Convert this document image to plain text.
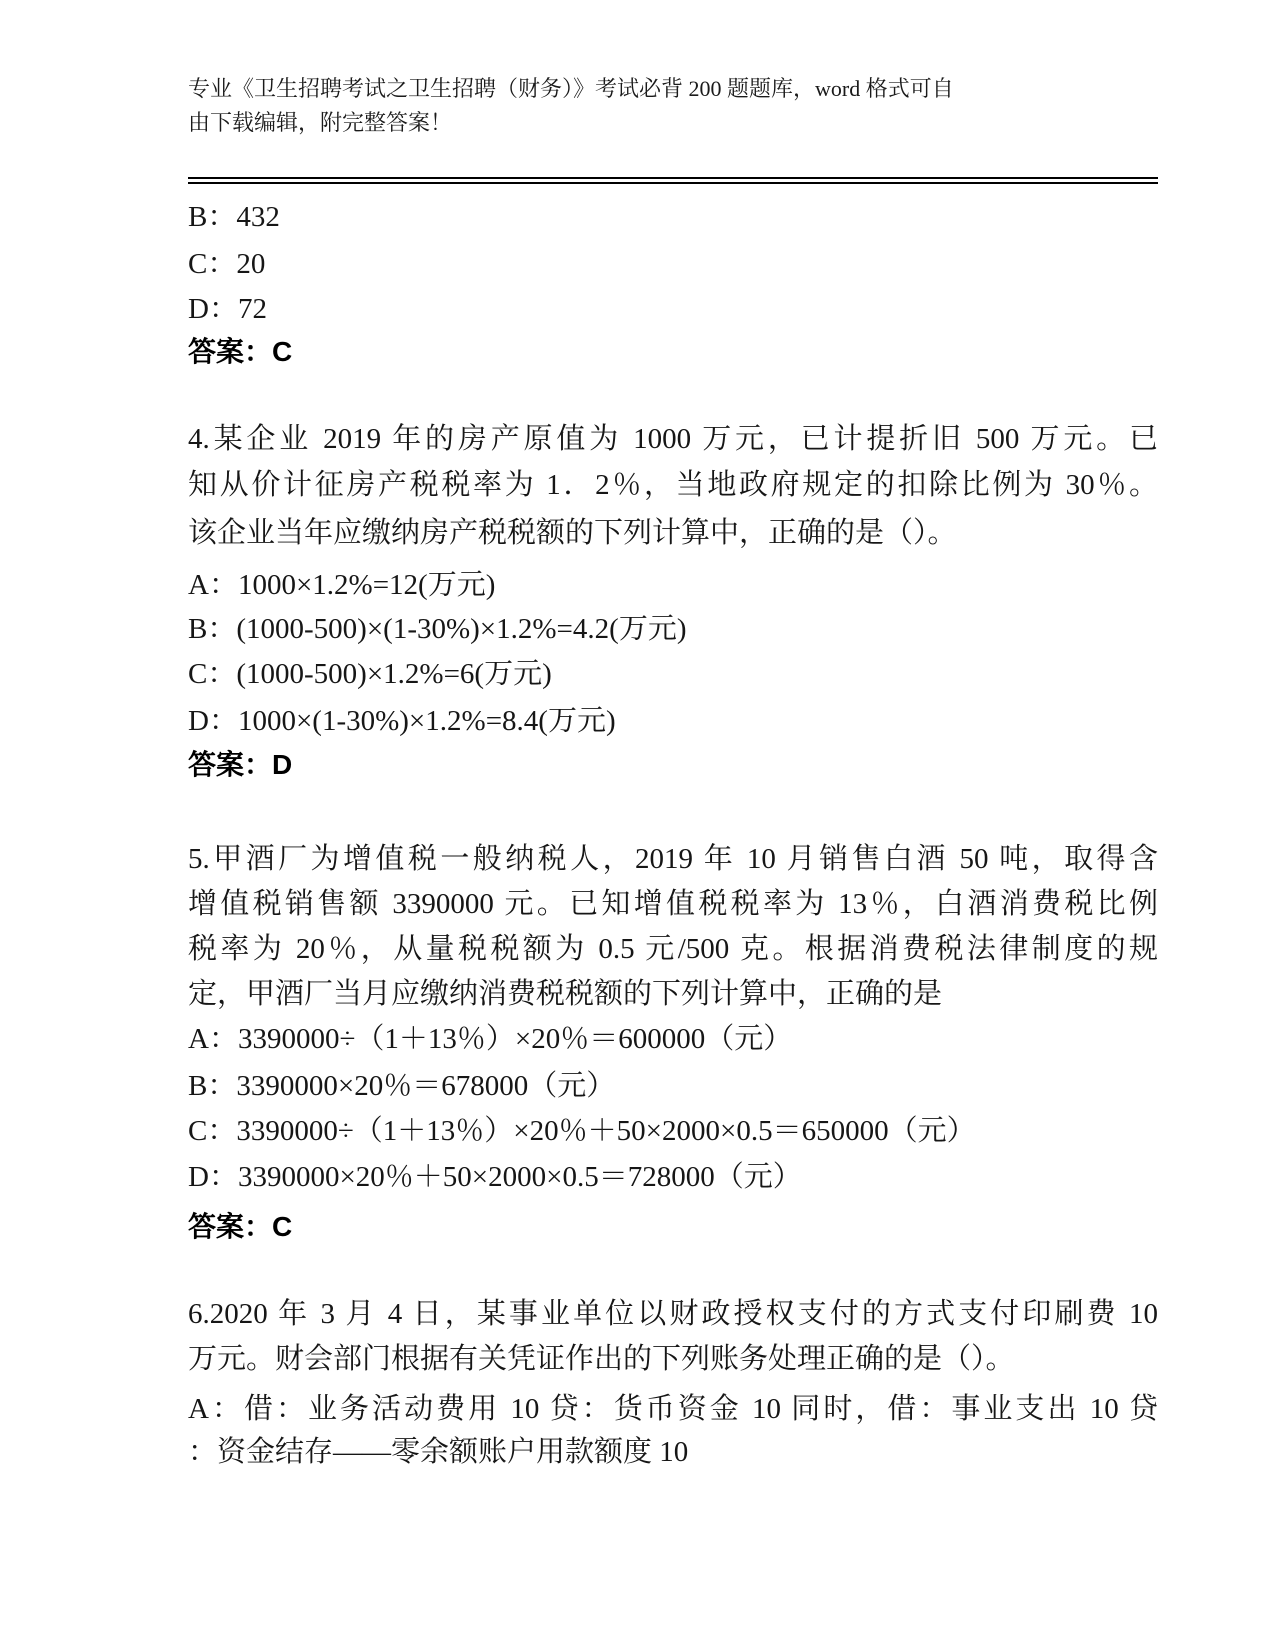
专业《卫生招聘考试之卫生招聘（财务）》考试必背 200 题题库，word 格式可自
由下载编辑，附完整答案！
B：432
C：20
D：72
答案：C
4.某企业 2019 年的房产原值为 1000 万元，已计提折旧 500 万元。已
知从价计征房产税税率为 1．2％，当地政府规定的扣除比例为 30％。
该企业当年应缴纳房产税税额的下列计算中，正确的是（）。
A：1000×1.2%=12(万元)
B：(1000-500)×(1-30%)×1.2%=4.2(万元)
C：(1000-500)×1.2%=6(万元)
D：1000×(1-30%)×1.2%=8.4(万元)
答案：D
5.甲酒厂为增值税一般纳税人，2019 年 10 月销售白酒 50 吨，取得含
增值税销售额 3390000 元。已知增值税税率为 13％，白酒消费税比例
税率为 20％，从量税税额为 0.5 元/500 克。根据消费税法律制度的规
定，甲酒厂当月应缴纳消费税税额的下列计算中，正确的是
A：3390000÷（1＋13％）×20％＝600000（元）
B：3390000×20％＝678000（元）
C：3390000÷（1＋13％）×20％＋50×2000×0.5＝650000（元）
D：3390000×20％＋50×2000×0.5＝728000（元）
答案：C
6.2020 年 3 月 4 日，某事业单位以财政授权支付的方式支付印刷费 10
万元。财会部门根据有关凭证作出的下列账务处理正确的是（）。
A：借：业务活动费用 10 贷：货币资金 10 同时，借：事业支出 10 贷
：资金结存——零余额账户用款额度 10
